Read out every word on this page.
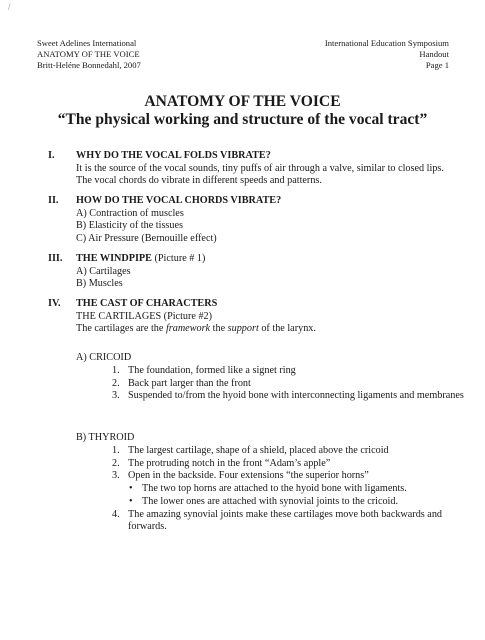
/
Sweet Adelines International
ANATOMY OF THE VOICE
Britt-Heléne Bonnedahl, 2007
International Education Symposium
Handout
Page 1
ANATOMY OF THE VOICE
“The physical working and structure of the vocal tract”
I. WHY DO THE VOCAL FOLDS VIBRATE?
It is the source of the vocal sounds, tiny puffs of air through a valve, similar to closed lips.
The vocal chords do vibrate in different speeds and patterns.
II. HOW DO THE VOCAL CHORDS VIBRATE?
A) Contraction of muscles
B) Elasticity of the tissues
C) Air Pressure (Bernouille effect)
III. THE WINDPIPE (Picture # 1)
A) Cartilages
B) Muscles
IV. THE CAST OF CHARACTERS
THE CARTILAGES (Picture #2)
The cartilages are the framework the support of the larynx.
A) CRICOID
1. The foundation, formed like a signet ring
2. Back part larger than the front
3. Suspended to/from the hyoid bone with interconnecting ligaments and membranes
B) THYROID
1. The largest cartilage, shape of a shield, placed above the cricoid
2. The protruding notch in the front “Adam’s apple”
3. Open in the backside. Four extensions “the superior horns”
• The two top horns are attached to the hyoid bone with ligaments.
• The lower ones are attached with synovial joints to the cricoid.
4. The amazing synovial joints make these cartilages move both backwards and forwards.
